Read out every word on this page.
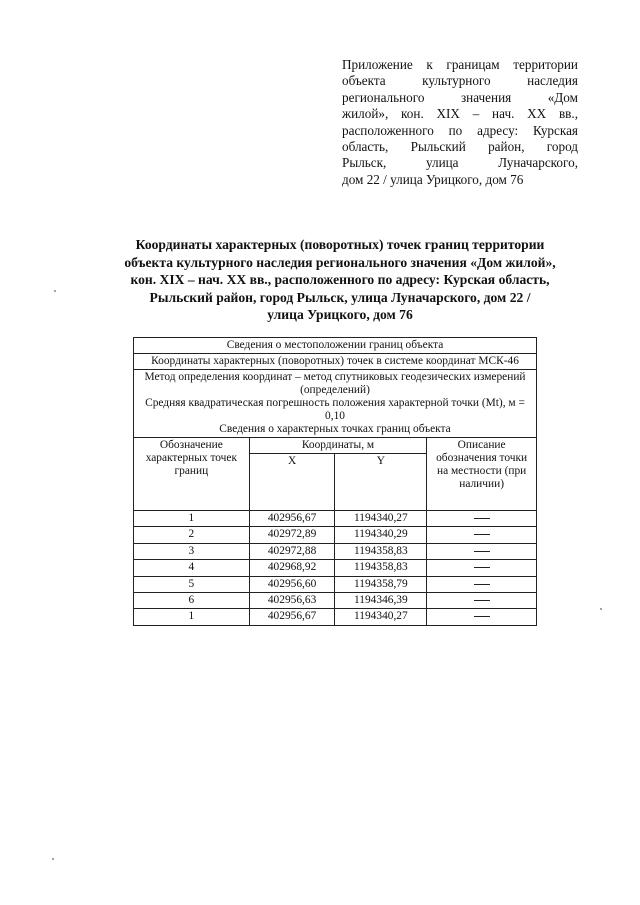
Приложение к границам территории
объекта культурного наследия
регионального значения «Дом
жилой», кон. XIX – нач. XX вв.,
расположенного по адресу: Курская
область, Рыльский район, город
Рыльск, улица Луначарского,
дом 22 / улица Урицкого, дом 76
Координаты характерных (поворотных) точек границ территории
объекта культурного наследия регионального значения «Дом жилой»,
кон. XIX – нач. XX вв., расположенного по адресу: Курская область,
Рыльский район, город Рыльск, улица Луначарского, дом 22 /
улица Урицкого, дом 76
Сведения о местоположении границ объекта			
Координаты характерных (поворотных) точек в системе координат МСК-46			

Метод определения координат – метод спутниковых геодезических измерений (определений)
Средняя квадратическая погрешность положения характерной точки (Mt), м = 0,10
Сведения о характерных точках границ объекта			

Обозначение характерных точек границ	Координаты, м		Описание обозначения точки на местности (при наличии)
	X	Y	
1	402956,67	1194340,27	
2	402972,89	1194340,29	
3	402972,88	1194358,83	
4	402968,92	1194358,83	
5	402956,60	1194358,79	
6	402956,63	1194346,39	
1	402956,67	1194340,27	
